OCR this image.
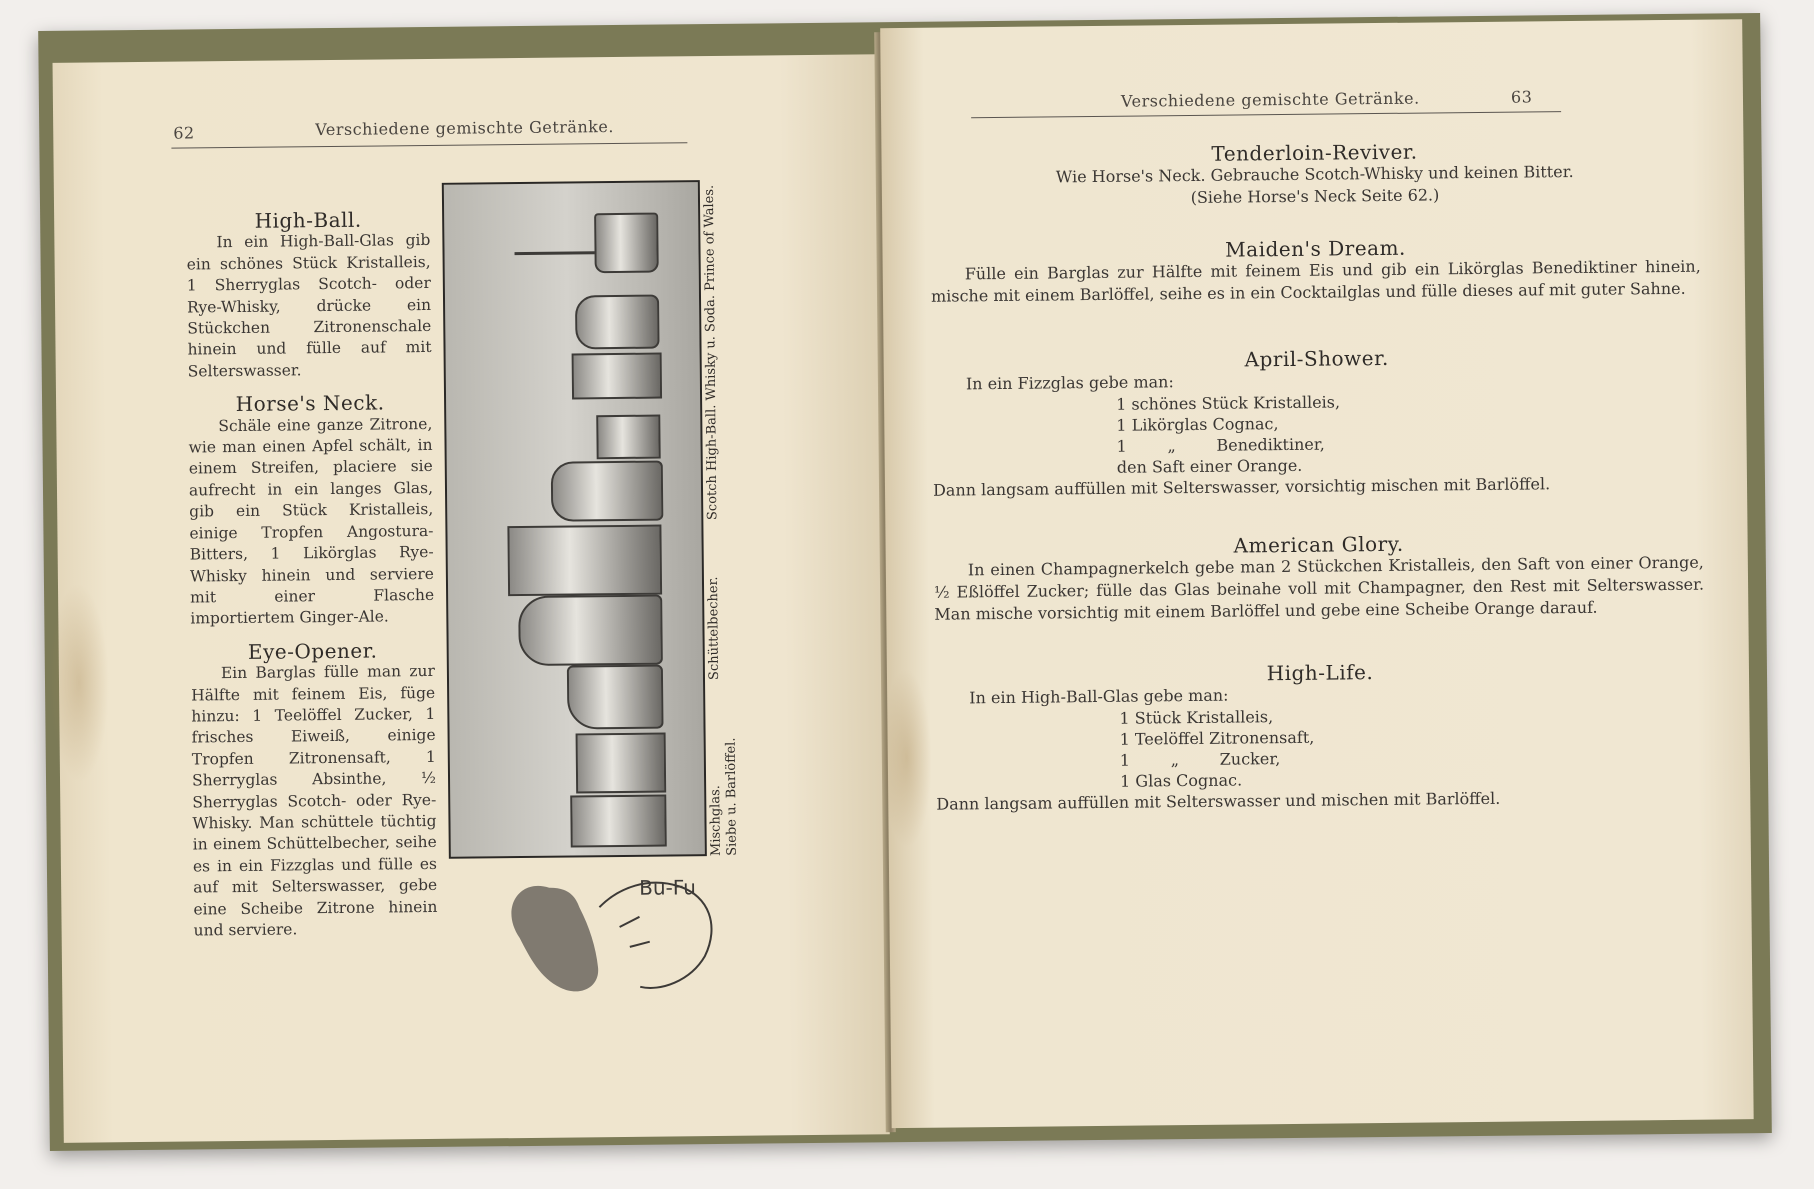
62	Verschiedene gemischte Getränke.
High-Ball.

In ein High-Ball-Glas gib ein schönes Stück Kristalleis, 1 Sherryglas Scotch- oder Rye-Whisky, drücke ein Stückchen Zitronenschale hinein und fülle auf mit Selterswasser.

Horse's Neck.

Schäle eine ganze Zitrone, wie man einen Apfel schält, in einem Streifen, placiere sie aufrecht in ein langes Glas, gib ein Stück Kristalleis, einige Tropfen Angostura-Bitters, 1 Likörglas Rye-Whisky hinein und serviere mit einer Flasche importiertem Ginger-Ale.

Eye-Opener.

Ein Barglas fülle man zur Hälfte mit feinem Eis, füge hinzu: 1 Teelöffel Zucker, 1 frisches Eiweiß, einige Tropfen Zitronensaft, 1 Sherryglas Absinthe, ½ Sherryglas Scotch- oder Rye-Whisky. Man schüttele tüchtig in einem Schüttelbecher, seihe es in ein Fizzglas und fülle es auf mit Selterswasser, gebe eine Scheibe Zitrone hinein und serviere.

Scotch High-Ball. Whisky u. Soda. Prince of Wales.
Schüttelbecher.
Mischglas. Siebe u. Barlöffel.
Bu-Fu
Verschiedene gemischte Getränke.	63
Tenderloin-Reviver.

Wie Horse's Neck. Gebrauche Scotch-Whisky und keinen Bitter.

(Siehe Horse's Neck Seite 62.)

Maiden's Dream.

Fülle ein Barglas zur Hälfte mit feinem Eis und gib ein Likörglas Benediktiner hinein, mische mit einem Barlöffel, seihe es in ein Cocktailglas und fülle dieses auf mit guter Sahne.

April-Shower.

In ein Fizzglas gebe man:

1 schönes Stück Kristalleis,
1 Likörglas Cognac,
1        „        Benediktiner,
den Saft einer Orange.

Dann langsam auffüllen mit Selterswasser, vorsichtig mischen mit Barlöffel.

American Glory.

In einen Champagnerkelch gebe man 2 Stückchen Kristalleis, den Saft von einer Orange, ½ Eßlöffel Zucker; fülle das Glas beinahe voll mit Champagner, den Rest mit Selterswasser. Man mische vorsichtig mit einem Barlöffel und gebe eine Scheibe Orange darauf.

High-Life.

In ein High-Ball-Glas gebe man:

1 Stück Kristalleis,
1 Teelöffel Zitronensaft,
1        „        Zucker,
1 Glas Cognac.

Dann langsam auffüllen mit Selterswasser und mischen mit Barlöffel.
